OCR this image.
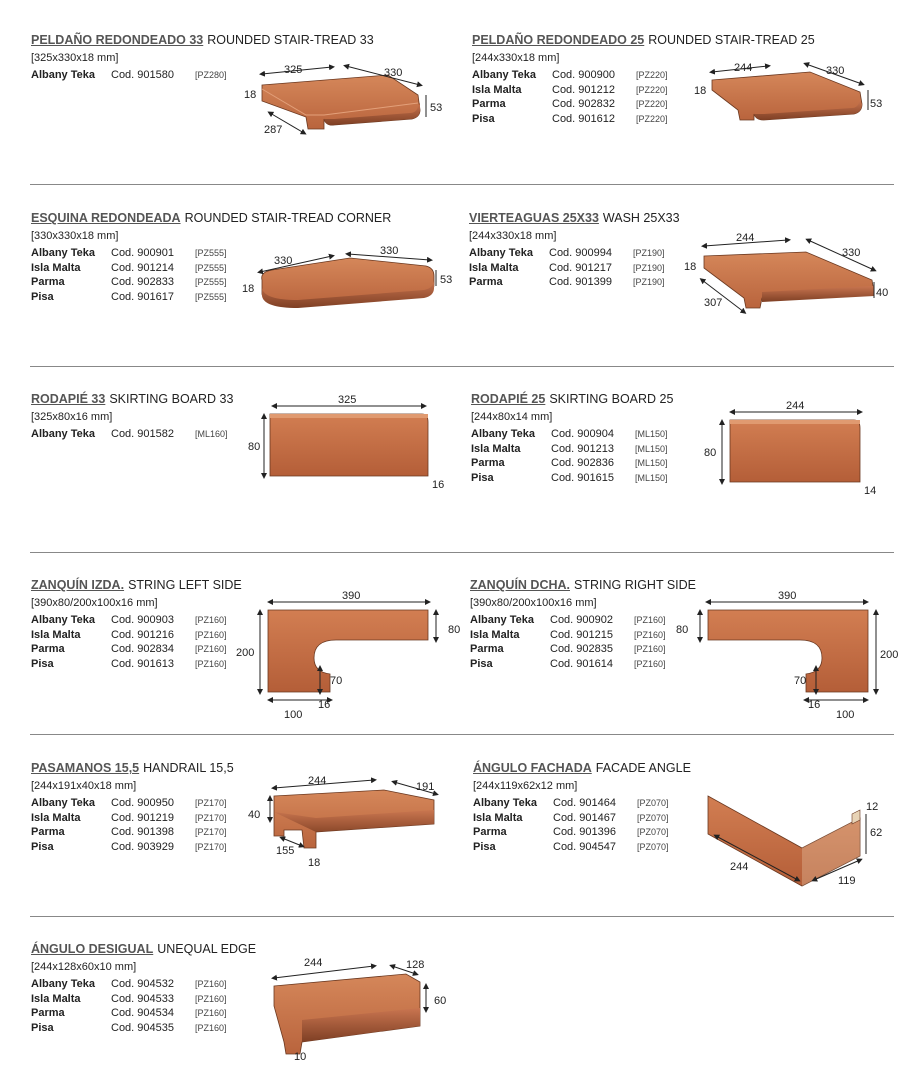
PELDAÑO REDONDEADO 33 ROUNDED STAIR-TREAD 33
[325x330x18 mm]
Albany Teka Cod. 901580 [PZ280]
PELDAÑO REDONDEADO 25 ROUNDED STAIR-TREAD 25
[244x330x18 mm]
Albany Teka Cod. 900900 [PZ220]
Isla Malta	Cod. 901212 [PZ220]
Parma	Cod. 902832 [PZ220]
Pisa	Cod. 901612 [PZ220]
ESQUINA REDONDEADA ROUNDED STAIR-TREAD CORNER
[330x330x18 mm]
Albany Teka Cod. 900901 [PZ555]
Isla Malta	Cod. 901214 [PZ555]
Parma	Cod. 902833 [PZ555]
Pisa	Cod. 901617 [PZ555]
VIERTEAGUAS 25X33 WASH 25X33
[244x330x18 mm]
Albany Teka Cod. 900994 [PZ190]
Isla Malta	Cod. 901217 [PZ190]
Parma	Cod. 901399 [PZ190]
RODAPIÉ 33 SKIRTING BOARD 33
[325x80x16 mm]
Albany Teka Cod. 901582 [ML160]
RODAPIÉ 25 SKIRTING BOARD 25
[244x80x14 mm]
Albany Teka Cod. 900904 [ML150]
Isla Malta	Cod. 901213 [ML150]
Parma	Cod. 902836 [ML150]
Pisa	Cod. 901615 [ML150]
ZANQUÍN IZDA. STRING LEFT SIDE
[390x80/200x100x16 mm]
Albany Teka Cod. 900903 [PZ160]
Isla Malta	Cod. 901216 [PZ160]
Parma	Cod. 902834 [PZ160]
Pisa	Cod. 901613 [PZ160]
ZANQUÍN DCHA. STRING RIGHT SIDE
[390x80/200x100x16 mm]
Albany Teka Cod. 900902 [PZ160]
Isla Malta	Cod. 901215 [PZ160]
Parma	Cod. 902835 [PZ160]
Pisa	Cod. 901614 [PZ160]
PASAMANOS 15,5 HANDRAIL 15,5
[244x191x40x18 mm]
Albany Teka Cod. 900950 [PZ170]
Isla Malta	Cod. 901219 [PZ170]
Parma	Cod. 901398 [PZ170]
Pisa	Cod. 903929 [PZ170]
ÁNGULO FACHADA FACADE ANGLE
[244x119x62x12 mm]
Albany Teka Cod. 901464 [PZ070]
Isla Malta	Cod. 901467 [PZ070]
Parma	Cod. 901396 [PZ070]
Pisa	Cod. 904547 [PZ070]
ÁNGULO DESIGUAL UNEQUAL EDGE
[244x128x60x10 mm]
Albany Teka Cod. 904532 [PZ160]
Isla Malta	Cod. 904533 [PZ160]
Parma	Cod. 904534 [PZ160]
Pisa	Cod. 904535 [PZ160]
325	330
18
53
287
244	330
18
53
330
330
18
53
244
330
18
40
307
325
80
16
244
80
14
390
80
200
70
100
16
390
80
200
70
100
16
244	191
40
155
18
12
62
244
119
244	128
60
10
